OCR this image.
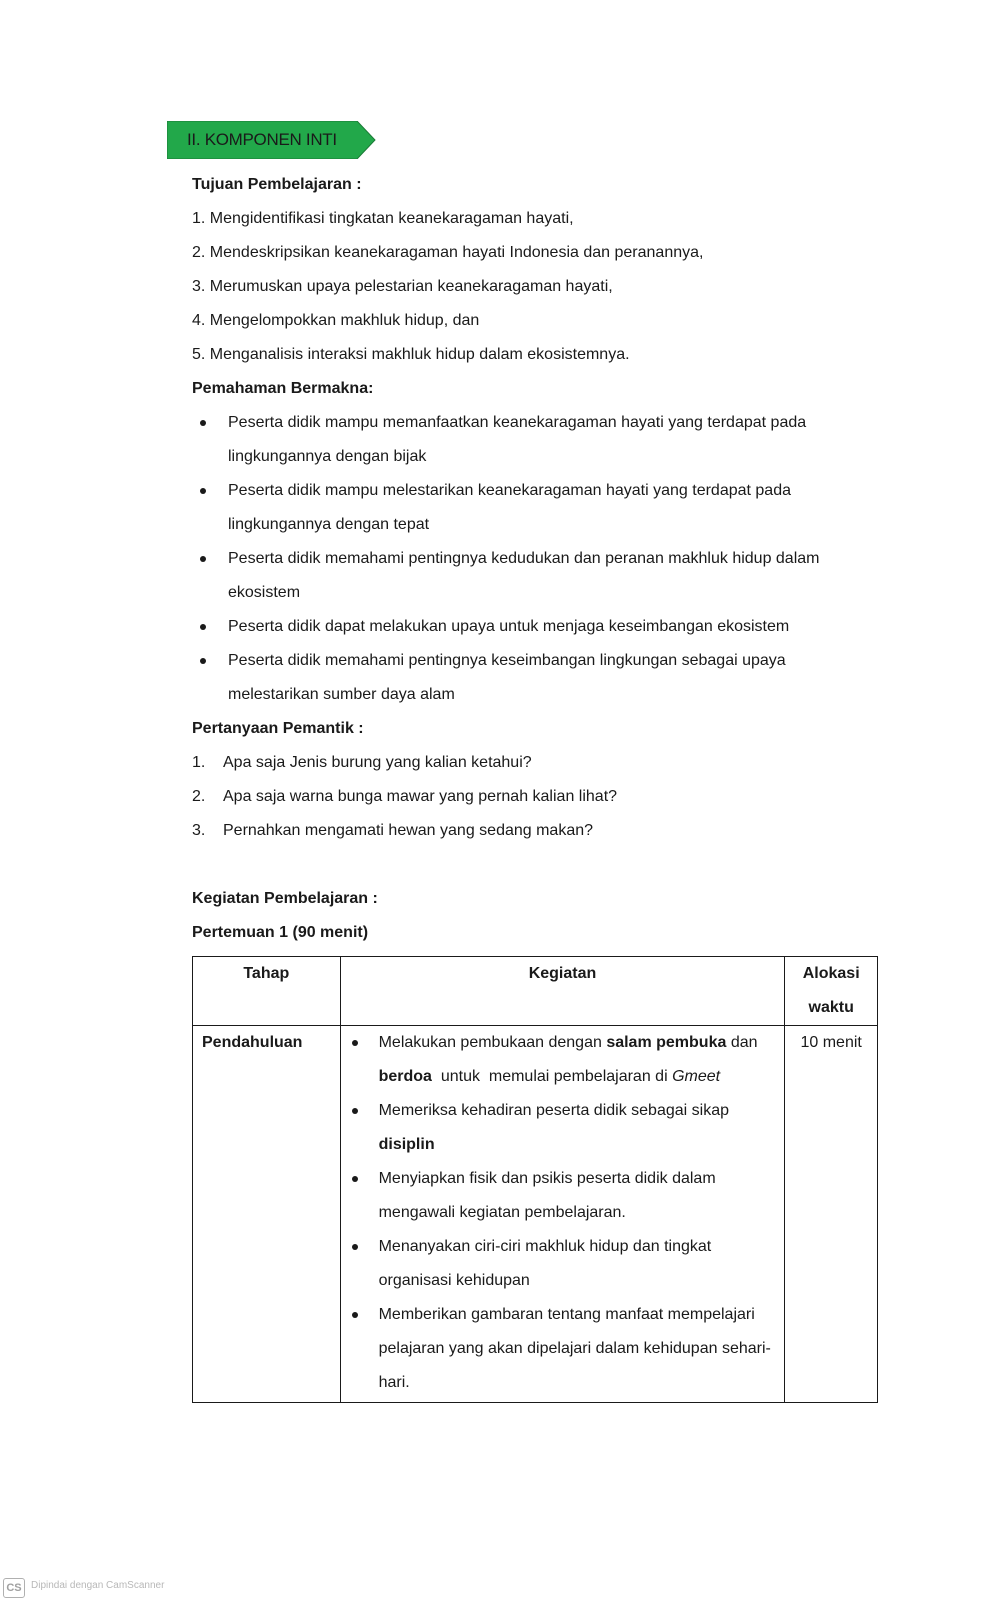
II. KOMPONEN INTI
Tujuan Pembelajaran :
1. Mengidentifikasi tingkatan keanekaragaman hayati,
2. Mendeskripsikan keanekaragaman hayati Indonesia dan peranannya,
3. Merumuskan upaya pelestarian keanekaragaman hayati,
4. Mengelompokkan makhluk hidup, dan
5. Menganalisis interaksi makhluk hidup dalam ekosistemnya.
Pemahaman Bermakna:
Peserta didik mampu memanfaatkan keanekaragaman hayati yang terdapat pada lingkungannya dengan bijak
Peserta didik mampu melestarikan keanekaragaman hayati yang terdapat pada lingkungannya dengan tepat
Peserta didik memahami pentingnya kedudukan dan peranan makhluk hidup dalam ekosistem
Peserta didik dapat melakukan upaya untuk menjaga keseimbangan ekosistem
Peserta didik memahami pentingnya keseimbangan lingkungan sebagai upaya melestarikan sumber daya alam
Pertanyaan Pemantik :
1. Apa saja Jenis burung yang kalian ketahui?
2. Apa saja warna bunga mawar yang pernah kalian lihat?
3. Pernahkan mengamati hewan yang sedang makan?
Kegiatan Pembelajaran :
Pertemuan 1 (90 menit)
Tahap	Kegiatan	Alokasi waktu
Pendahuluan	Melakukan pembukaan dengan salam pembuka dan berdoa  untuk  memulai pembelajaran di Gmeet
Memeriksa kehadiran peserta didik sebagai sikap disiplin
Menyiapkan fisik dan psikis peserta didik dalam mengawali kegiatan pembelajaran.
Menanyakan ciri-ciri makhluk hidup dan tingkat organisasi kehidupan
Memberikan gambaran tentang manfaat mempelajari pelajaran yang akan dipelajari dalam kehidupan sehari-hari.	10 menit
CS Dipindai dengan CamScanner
